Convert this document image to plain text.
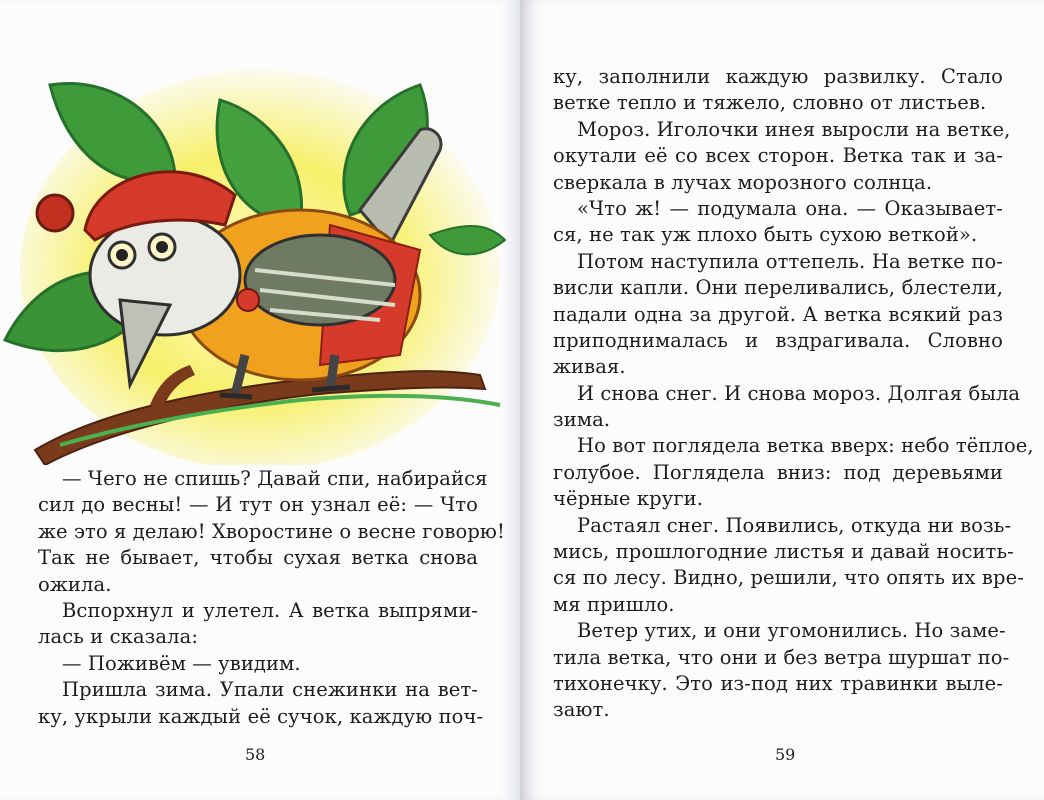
— Чего не спишь? Давай спи, набирайся
сил до весны! — И тут он узнал её: — Что
же это я делаю! Хворостине о весне говорю!
Так не бывает, чтобы сухая ветка снова
ожила.
Вспорхнул и улетел. А ветка выпрями-
лась и сказала:
— Поживём — увидим.
Пришла зима. Упали снежинки на вет-
ку, укрыли каждый её сучок, каждую поч-
58
ку, заполнили каждую развилку. Стало
ветке тепло и тяжело, словно от листьев.
Мороз. Иголочки инея выросли на ветке,
окутали её со всех сторон. Ветка так и за-
сверкала в лучах морозного солнца.
«Что ж! — подумала она. — Оказывает-
ся, не так уж плохо быть сухою веткой».
Потом наступила оттепель. На ветке по-
висли капли. Они переливались, блестели,
падали одна за другой. А ветка всякий раз
приподнималась и вздрагивала. Словно
живая.
И снова снег. И снова мороз. Долгая была
зима.
Но вот поглядела ветка вверх: небо тёплое,
голубое. Поглядела вниз: под деревьями
чёрные круги.
Растаял снег. Появились, откуда ни возь-
мись, прошлогодние листья и давай носить-
ся по лесу. Видно, решили, что опять их вре-
мя пришло.
Ветер утих, и они угомонились. Но заме-
тила ветка, что они и без ветра шуршат по-
тихонечку. Это из-под них травинки выле-
зают.
59
